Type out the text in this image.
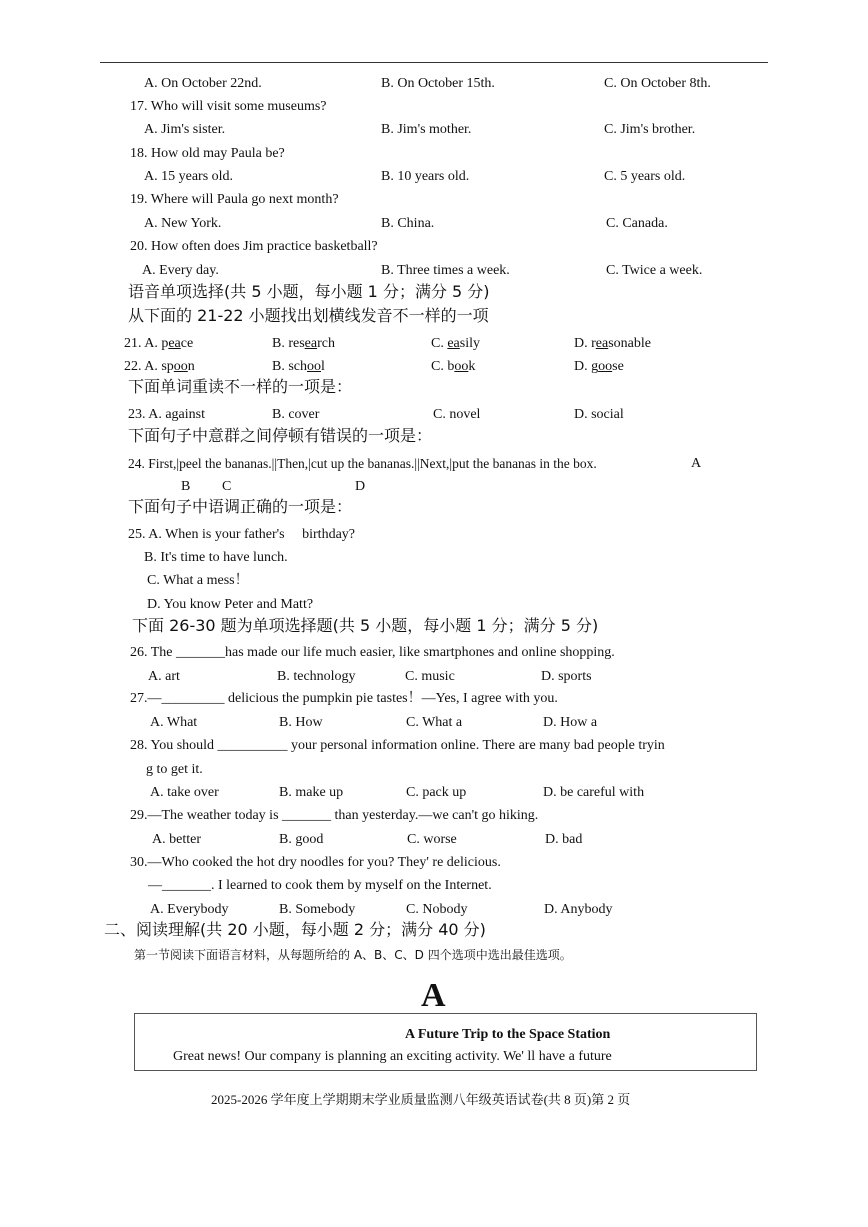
A. On October 22nd.	B. On October 15th.	C. On October 8th.
17. Who will visit some museums?
A. Jim's sister.	B. Jim's mother.	C. Jim's brother.
18. How old may Paula be?
A. 15 years old.	B. 10 years old.	C. 5 years old.
19. Where will Paula go next month?
A. New York.	B. China.	C. Canada.
20. How often does Jim practice basketball?
A. Every day.	B. Three times a week.	C. Twice a week.
语音单项选择(共 5 小题，每小题 1 分；满分 5 分)
从下面的 21-22 小题找出划横线发音不一样的一项
21. A. peace	B. research	C. easily	D. reasonable
22. A. spoon	B. school	C. book	D. goose
下面单词重读不一样的一项是：
23. A. against	B. cover	C. novel	D. social
下面句子中意群之间停顿有错误的一项是：
24. First,|peel the bananas.||Then,|cut up the bananas.||Next,|put the bananas in the box.	A
B C	D
下面句子中语调正确的一项是：
25. A. When is your father's     birthday?
B. It's time to have lunch.
C. What a mess！
D. You know Peter and Matt?
下面 26-30 题为单项选择题(共 5 小题，每小题 1 分；满分 5 分)
26. The _______has made our life much easier, like smartphones and online shopping.
A. art	B. technology	C. music	D. sports
27.—_________ delicious the pumpkin pie tastes！—Yes, I agree with you.
A. What	B. How	C. What a	D. How a
28. You should __________ your personal information online. There are many bad people tryin
g to get it.
A. take over	B. make up	C. pack up	D. be careful with
29.—The weather today is _______ than yesterday.—we can't go hiking.
A. better	B. good	C. worse	D. bad
30.—Who cooked the hot dry noodles for you? They' re delicious.
—_______. I learned to cook them by myself on the Internet.
A. Everybody	B. Somebody	C. Nobody	D. Anybody
二、阅读理解(共 20 小题，每小题 2 分；满分 40 分)
第一节阅读下面语言材料，从每题所给的 A、B、C、D 四个选项中选出最佳选项。
A
A Future Trip to the Space Station
Great news! Our company is planning an exciting activity. We' ll have a future
2025-2026 学年度上学期期末学业质量监测八年级英语试卷(共 8 页)第 2 页
